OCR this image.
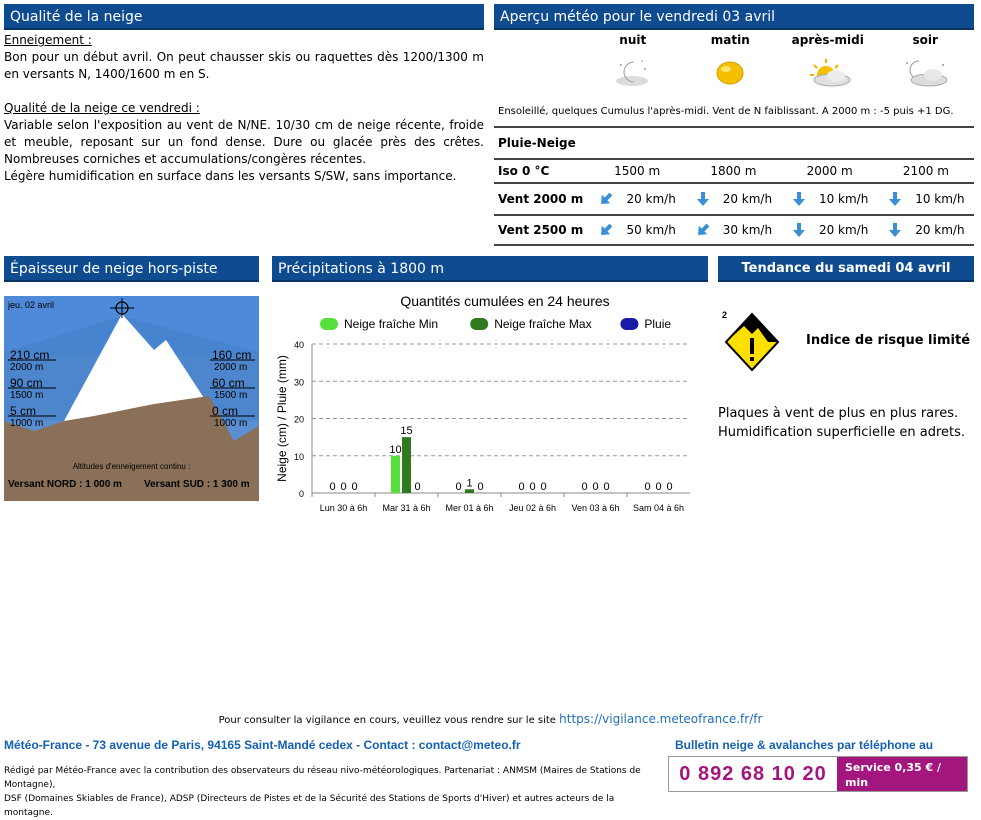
Qualité de la neige	Aperçu météo pour le vendredi 03 avril
Épaisseur de neige hors-piste	Précipitations à 1800 m	Tendance du samedi 04 avril
Enneigement :
Bon pour un début avril. On peut chausser skis ou raquettes dès 1200/1300 m en versants N, 1400/1600 m en S.
Qualité de la neige ce vendredi :
Variable selon l'exposition au vent de N/NE. 10/30 cm de neige récente, froide et meuble, reposant sur un fond dense. Dure ou glacée près des crêtes. Nombreuses corniches et accumulations/congères récentes.
Légère humidification en surface dans les versants S/SW, sans importance.
nuit	matin	après-midi	soir
Ensoleillé, quelques Cumulus l'après-midi. Vent de N faiblissant. A 2000 m : -5 puis +1 DG.
Pluie-Neige
Iso 0 °C	1500 m	1800 m	2000 m	2100 m
Vent 2000 m	20 km/h	20 km/h	10 km/h	10 km/h
Vent 2500 m	50 km/h	30 km/h	20 km/h	20 km/h
jeu. 02 avril
210 cm
2000 m
90 cm
1500 m
5 cm
1000 m
160 cm
2000 m
60 cm
1500 m
0 cm
1000 m
Altitudes d'enneigement continu :
Versant NORD : 1 000 m Versant SUD : 1 300 m
Quantités cumulées en 24 heures
Neige fraîche Min	Neige fraîche Max	Pluie
0
10
20
30
40
Neige (cm) / Pluie (mm)
Lun 30 à 6h
0 0 0
Mar 31 à 6h
10
15
0
Mer 01 à 6h
0 1 0
Jeu 02 à 6h
0 0 0
Ven 03 à 6h
0 0 0
Sam 04 à 6h
0 0 0
2
Indice de risque limité
Plaques à vent de plus en plus rares.
Humidification superficielle en adrets.
Pour consulter la vigilance en cours, veuillez vous rendre sur le site https://vigilance.meteofrance.fr/fr
Météo-France - 73 avenue de Paris, 94165 Saint-Mandé cedex - Contact : contact@meteo.fr
Rédigé par Météo-France avec la contribution des observateurs du réseau nivo-météorologiques. Partenariat : ANMSM (Maires de Stations de Montagne),
DSF (Domaines Skiables de France), ADSP (Directeurs de Pistes et de la Sécurité des Stations de Sports d'Hiver) et autres acteurs de la montagne.
Bulletin neige & avalanches par téléphone au
0 892 68 10 20	Service 0,35 € / min
+ prix appel
